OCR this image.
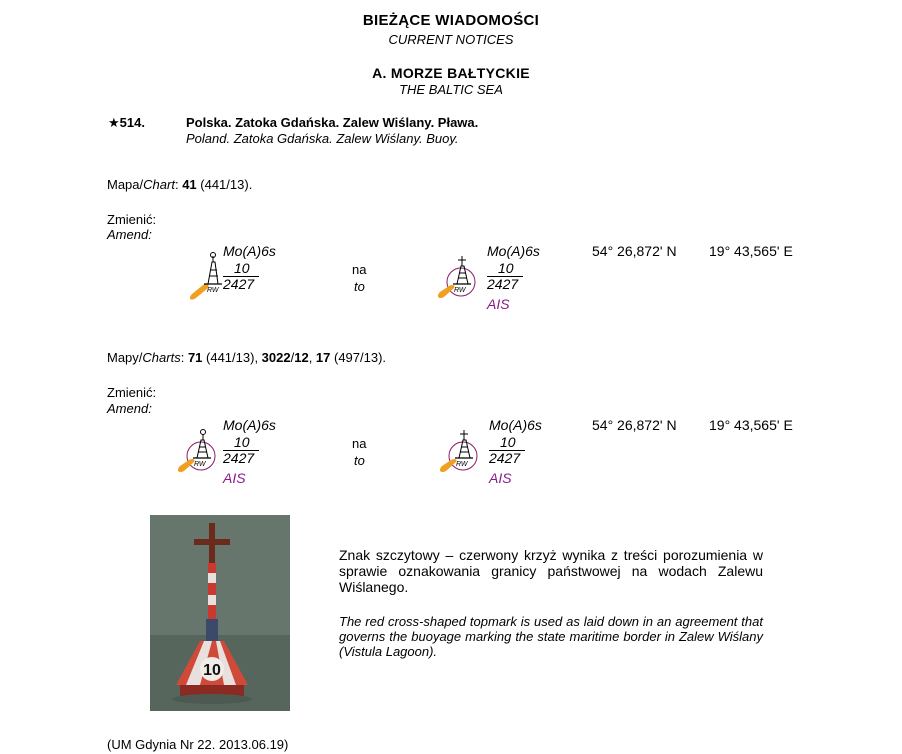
BIEŻĄCE WIADOMOŚCI
CURRENT NOTICES
A. MORZE BAŁTYCKIE
THE BALTIC SEA
★514.	Polska. Zatoka Gdańska. Zalew Wiślany. Pława.
Poland. Zatoka Gdańska. Zalew Wiślany. Buoy.
Mapa/Chart: 41 (441/13).
Zmienić:
Amend:
RW
Mo(A)6s
10
2427
na
to	RW
Mo(A)6s
10
2427
AIS
54° 26,872' N 19° 43,565' E
Mapy/Charts: 71 (441/13), 3022/12, 17 (497/13).
Zmienić:
Amend:
RW
Mo(A)6s
10
2427
AIS
na
to	RW
Mo(A)6s
10
2427
AIS
54° 26,872' N 19° 43,565' E
10
Znak szczytowy – czerwony krzyż wynika z treści porozumienia w sprawie oznakowania granicy państwowej na wodach Zalewu Wiślanego.
The red cross-shaped topmark is used as laid down in an agreement that governs the buoyage marking the state maritime border in Zalew Wiślany (Vistula Lagoon).
(UM Gdynia Nr 22. 2013.06.19)
